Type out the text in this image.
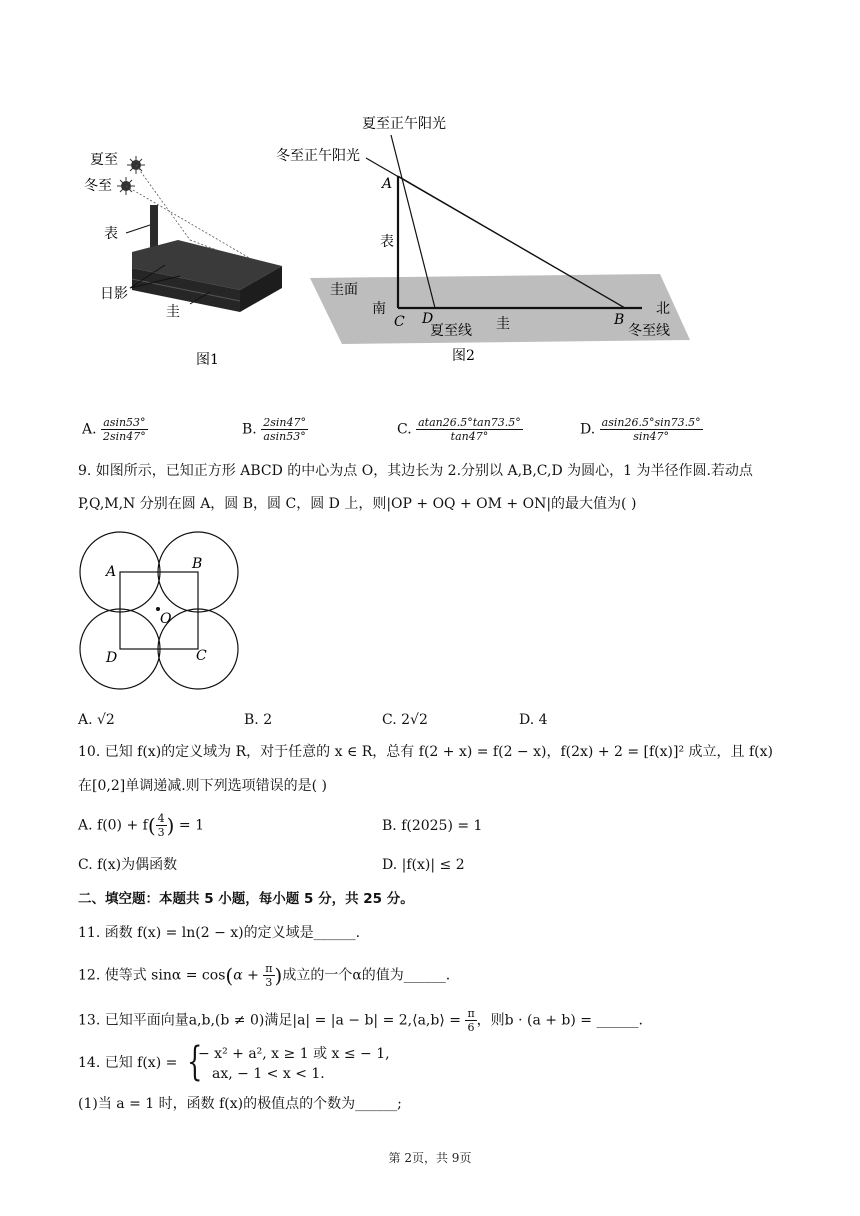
夏至
冬至
表
日影
圭
图1
夏至正午阳光
冬至正午阳光
A
表
圭面
南
C D
夏至线 圭	B
北
冬至线
图2
A. $\frac{asin53^\circ}{2\sin 47^\circ}$	B. $\frac{2\sin 47^\circ}{asin53^\circ}$	C. $\frac{atan26.5^\circ\tan 73.5^\circ}{\tan 47^\circ}$	D. $\frac{asin26.5^\circ\sin 73.5^\circ}{\sin 47^\circ}$
9. 如图所示，已知正方形 ABCD 的中心为点 O，其边长为 2.分别以 A,B,C,D 为圆心，1 为半径作圆.若动点
P,Q,M,N 分别在圆 A，圆 B，圆 C，圆 D 上，则|OP + OQ + OM + ON|的最大值为( )
A	B
C
D
O
A. √2	B. 2	C. 2√2	D. 4
10. 已知 f(x)的定义域为 R，对于任意的 x ∈ R，总有 f(2 + x) = f(2 − x)，f(2x) + 2 = [f(x)]² 成立，且 f(x)
在[0,2]单调递减.则下列选项错误的是( )
A. $f(0) + f( \frac{4}{3}$ ) = 1	B. f(2025) = 1
C. f(x)为偶函数	D. |f(x)| ≤ 2
二、填空题：本题共 5 小题，每小题 5 分，共 25 分。
11. 函数 f(x) = ln(2 − x)的定义域是______.
12. 使等式 $\sin\alpha = \cos(\alpha + \frac{\pi}{3}$ )成立的一个α的值为______.
13. 已知平面向量a,b,(b ≠ 0)满足|a| = |a − b| = 2,⟨a,b⟩ = $\frac{\pi}{6}$ ，则b · (a + b) = ______.
14. 已知 f(x) = {
− x² + a², x ≥ 1 或 x ≤ − 1,
ax, − 1 < x < 1.
(1)当 a = 1 时，函数 f(x)的极值点的个数为______;
第 2页，共 9页
